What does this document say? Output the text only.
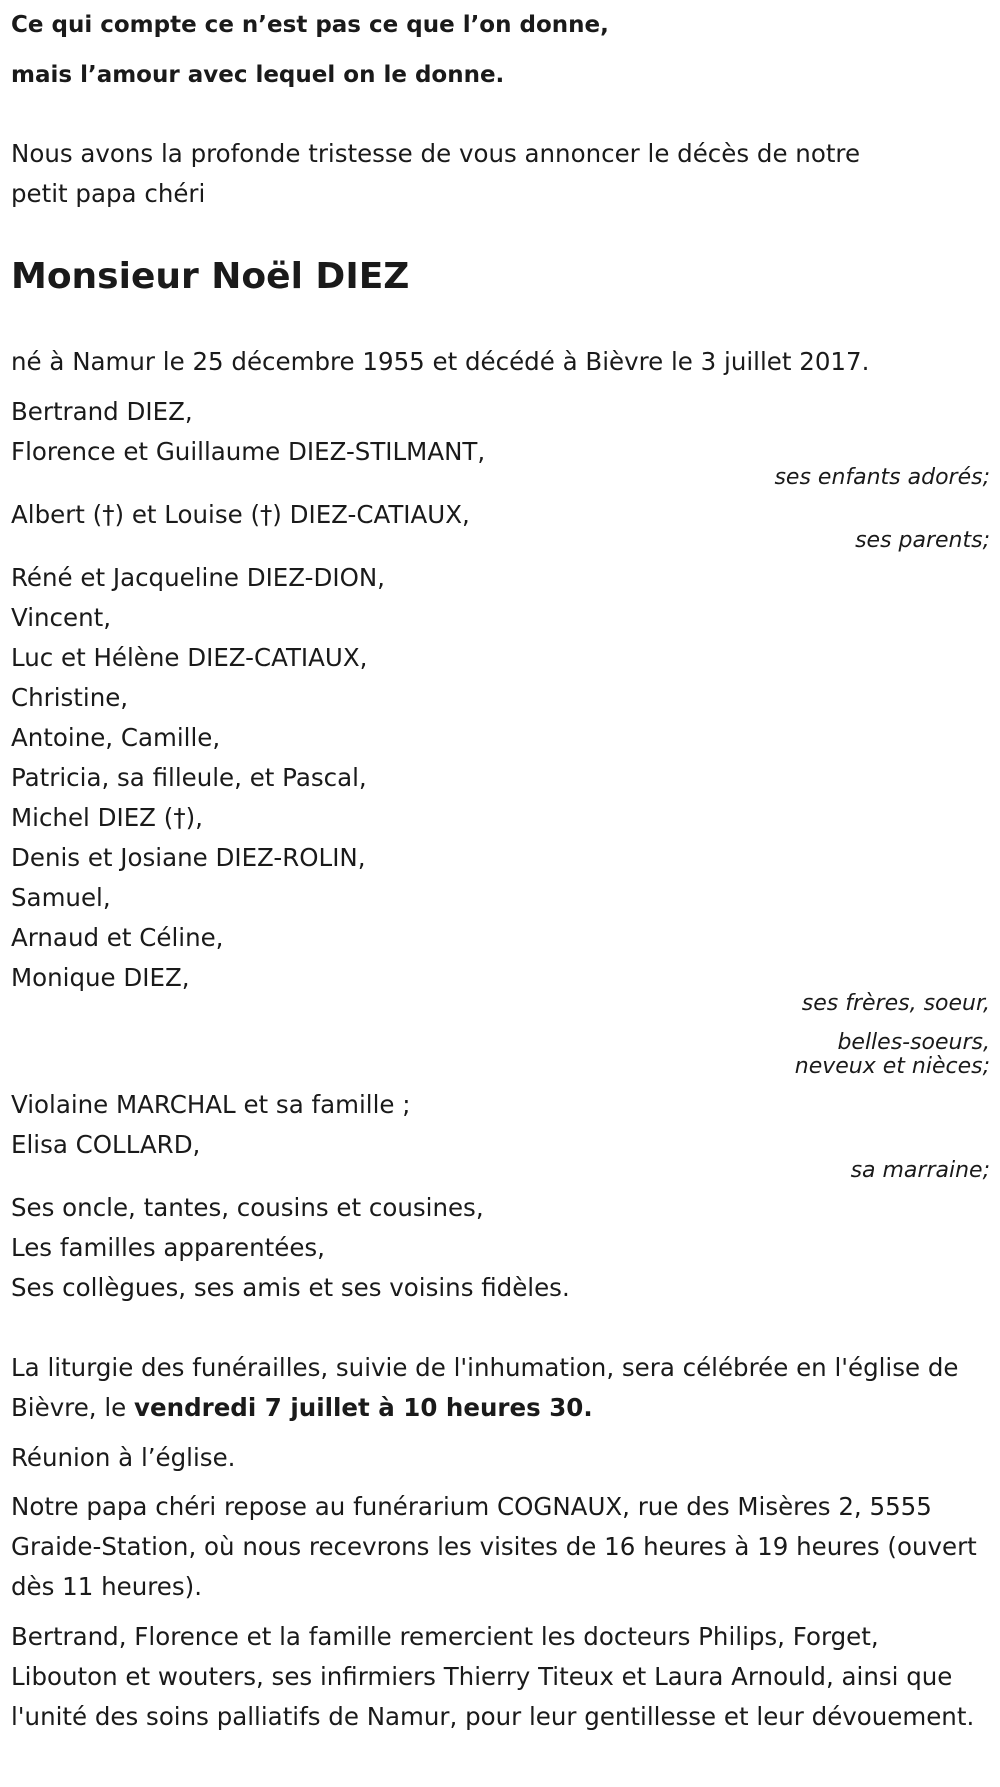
Ce qui compte ce n’est pas ce que l’on donne,

mais l’amour avec lequel on le donne.

Nous avons la profonde tristesse de vous annoncer le décès de notre

petit papa chéri

Monsieur Noël DIEZ

né à Namur le 25 décembre 1955 et décédé à Bièvre le 3 juillet 2017.

Bertrand DIEZ,

Florence et Guillaume DIEZ-STILMANT,

ses enfants adorés;

Albert (†) et Louise (†) DIEZ-CATIAUX,

ses parents;

Réné et Jacqueline DIEZ-DION,

Vincent,

Luc et Hélène DIEZ-CATIAUX,

Christine,

Antoine, Camille,

Patricia, sa filleule, et Pascal,

Michel DIEZ (†),

Denis et Josiane DIEZ-ROLIN,

Samuel,

Arnaud et Céline,

Monique DIEZ,

ses frères, soeur,

belles-soeurs,

neveux et nièces;

Violaine MARCHAL et sa famille ;

Elisa COLLARD,

sa marraine;

Ses oncle, tantes, cousins et cousines,

Les familles apparentées,

Ses collègues, ses amis et ses voisins fidèles.

La liturgie des funérailles, suivie de l'inhumation, sera célébrée en l'église de Bièvre, le vendredi 7 juillet à 10 heures 30.

Réunion à l’église.

Notre papa chéri repose au funérarium COGNAUX, rue des Misères 2, 5555 Graide-Station, où nous recevrons les visites de 16 heures à 19 heures (ouvert dès 11 heures).

Bertrand, Florence et la famille remercient les docteurs Philips, Forget, Libouton et wouters, ses infirmiers Thierry Titeux et Laura Arnould, ainsi que l'unité des soins palliatifs de Namur, pour leur gentillesse et leur dévouement.
